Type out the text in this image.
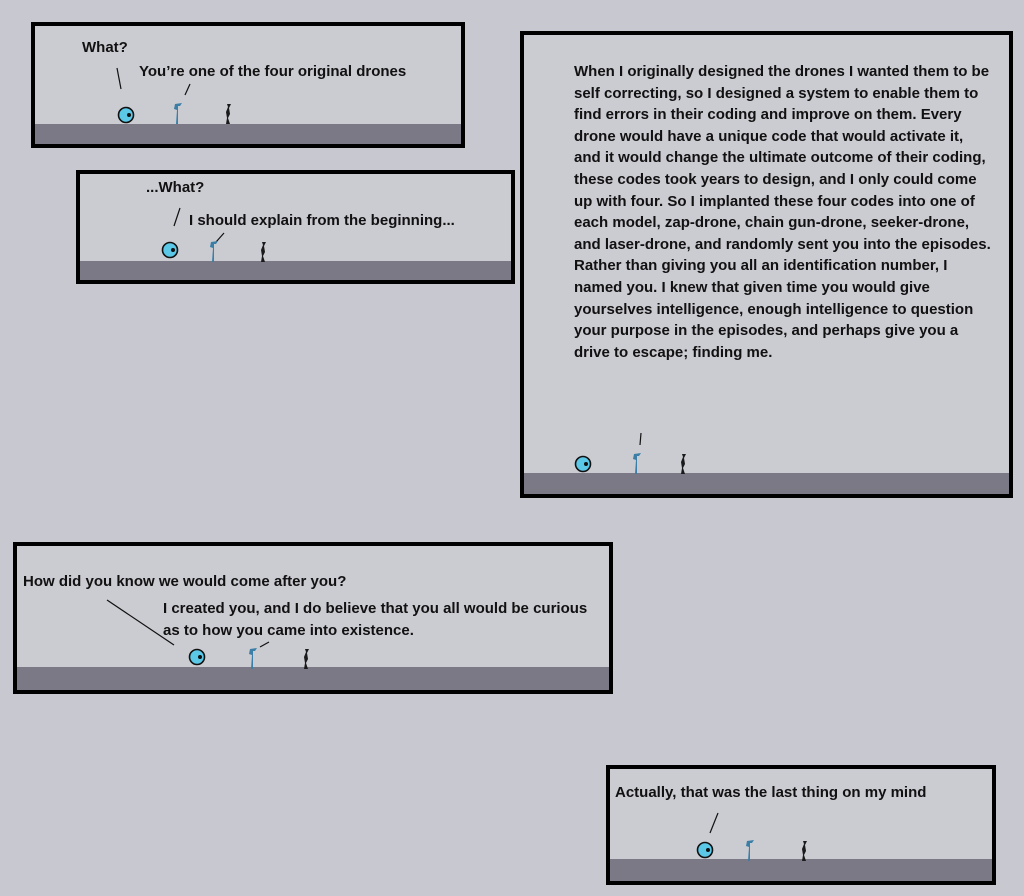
What?
You’re one of the four original drones
...What?
I should explain from the beginning...
When I originally designed the drones I wanted them to be self correcting, so I designed a system to enable them to find errors in their coding and improve on them. Every drone would have a unique code that would activate it, and it would change the ultimate outcome of their coding, these codes took years to design, and I only could come up with four. So I implanted these four codes into one of each model, zap-drone, chain gun-drone, seeker-drone, and laser-drone, and randomly sent you into the episodes. Rather than giving you all an identification number, I named you. I knew that given time you would give yourselves intelligence, enough intelligence to question your purpose in the episodes, and perhaps give you a drive to escape; finding me.
How did you know we would come after you?
I created you, and I do believe that you all would be curious as to how you came into existence.
Actually, that was the last thing on my mind
